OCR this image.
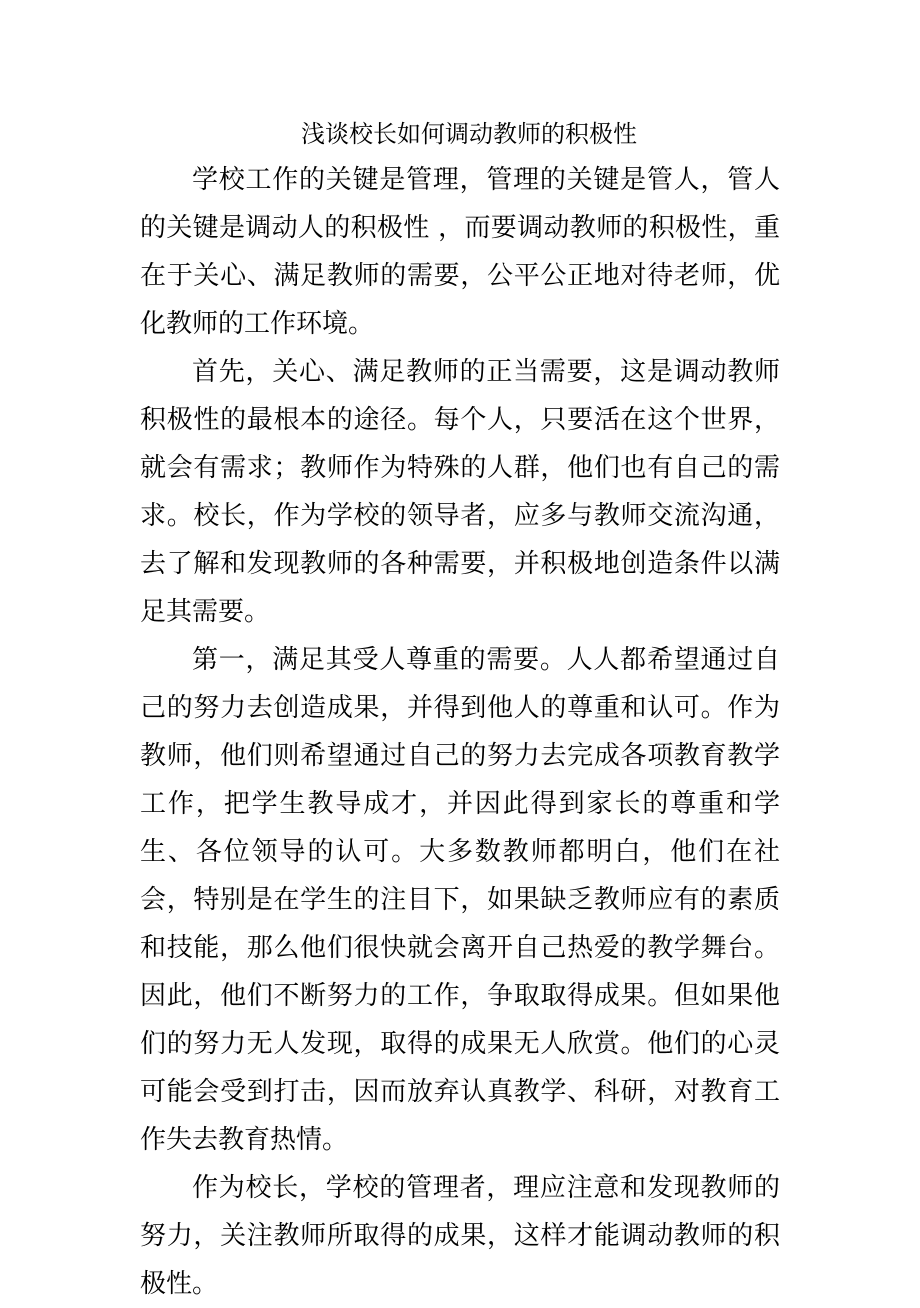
浅谈校长如何调动教师的积极性

学校工作的关键是管理，管理的关键是管人，管人的关键是调动人的积极性 ，而要调动教师的积极性，重在于关心、满足教师的需要，公平公正地对待老师，优化教师的工作环境。

首先，关心、满足教师的正当需要，这是调动教师积极性的最根本的途径。每个人，只要活在这个世界，就会有需求；教师作为特殊的人群，他们也有自己的需求。校长，作为学校的领导者，应多与教师交流沟通，去了解和发现教师的各种需要，并积极地创造条件以满足其需要。

第一，满足其受人尊重的需要。人人都希望通过自己的努力去创造成果，并得到他人的尊重和认可。作为教师，他们则希望通过自己的努力去完成各项教育教学工作，把学生教导成才，并因此得到家长的尊重和学生、各位领导的认可。大多数教师都明白，他们在社会，特别是在学生的注目下，如果缺乏教师应有的素质和技能，那么他们很快就会离开自己热爱的教学舞台。因此，他们不断努力的工作，争取取得成果。但如果他们的努力无人发现，取得的成果无人欣赏。他们的心灵可能会受到打击，因而放弃认真教学、科研，对教育工作失去教育热情。

作为校长，学校的管理者，理应注意和发现教师的努力，关注教师所取得的成果，这样才能调动教师的积极性。
